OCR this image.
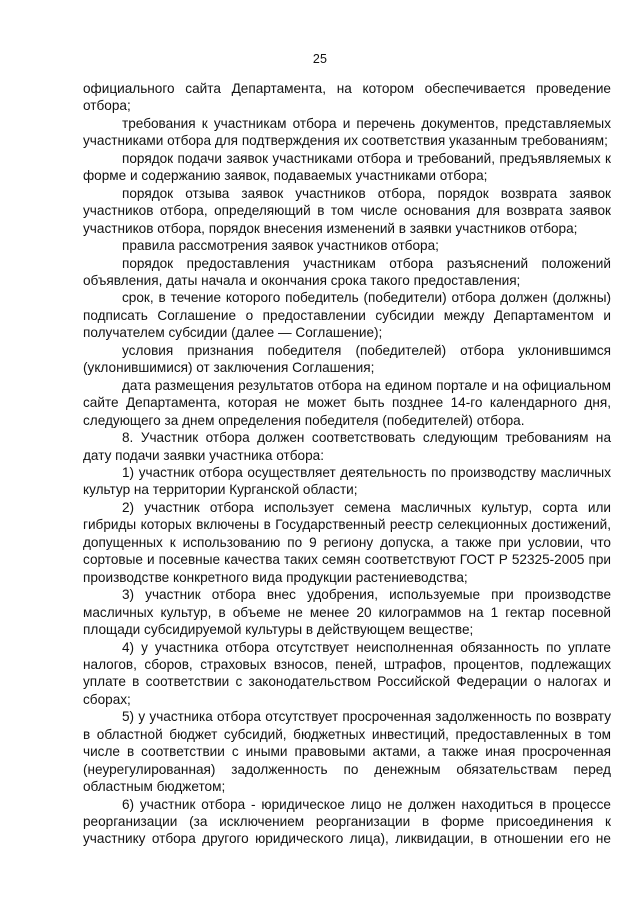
25

официального сайта Департамента, на котором обеспечивается проведение отбора;

требования к участникам отбора и перечень документов, представляемых участниками отбора для подтверждения их соответствия указанным требованиям;

порядок подачи заявок участниками отбора и требований, предъявляемых к форме и содержанию заявок, подаваемых участниками отбора;

порядок отзыва заявок участников отбора, порядок возврата заявок участников отбора, определяющий в том числе основания для возврата заявок участников отбора, порядок внесения изменений в заявки участников отбора;

правила рассмотрения заявок участников отбора;

порядок предоставления участникам отбора разъяснений положений объявления, даты начала и окончания срока такого предоставления;

срок, в течение которого победитель (победители) отбора должен (должны) подписать Соглашение о предоставлении субсидии между Департаментом и получателем субсидии (далее — Соглашение);

условия признания победителя (победителей) отбора уклонившимся (уклонившимися) от заключения Соглашения;

дата размещения результатов отбора на едином портале и на официальном сайте Департамента, которая не может быть позднее 14-го календарного дня, следующего за днем определения победителя (победителей) отбора.

8. Участник отбора должен соответствовать следующим требованиям на дату подачи заявки участника отбора:

1) участник отбора осуществляет деятельность по производству масличных культур на территории Курганской области;

2) участник отбора использует семена масличных культур, сорта или гибриды которых включены в Государственный реестр селекционных достижений, допущенных к использованию по 9 региону допуска, а также при условии, что сортовые и посевные качества таких семян соответствуют ГОСТ Р 52325-2005 при производстве конкретного вида продукции растениеводства;

3) участник отбора внес удобрения, используемые при производстве масличных культур, в объеме не менее 20 килограммов на 1 гектар посевной площади субсидируемой культуры в действующем веществе;

4) у участника отбора отсутствует неисполненная обязанность по уплате налогов, сборов, страховых взносов, пеней, штрафов, процентов, подлежащих уплате в соответствии с законодательством Российской Федерации о налогах и сборах;

5) у участника отбора отсутствует просроченная задолженность по возврату в областной бюджет субсидий, бюджетных инвестиций, предоставленных в том числе в соответствии с иными правовыми актами, а также иная просроченная (неурегулированная) задолженность по денежным обязательствам перед областным бюджетом;

6) участник отбора - юридическое лицо не должен находиться в процессе реорганизации (за исключением реорганизации в форме присоединения к участнику отбора другого юридического лица), ликвидации, в отношении его не
